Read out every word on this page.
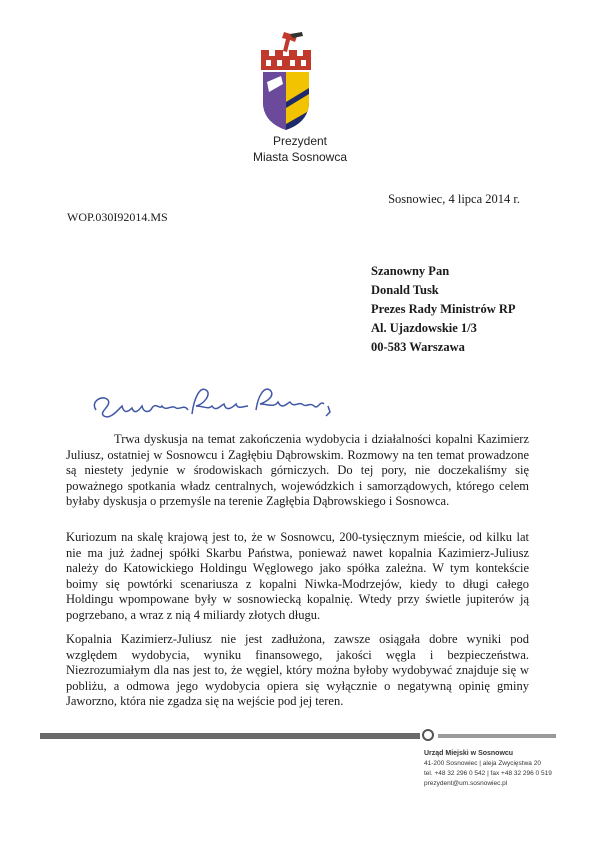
Prezydent
Miasta Sosnowca
Sosnowiec, 4 lipca 2014 r.
WOP.030I92014.MS
Szanowny Pan
Donald Tusk
Prezes Rady Ministrów RP
Al. Ujazdowskie 1/3
00-583 Warszawa
Trwa dyskusja na temat zakończenia wydobycia i działalności kopalni Kazimierz Juliusz, ostatniej w Sosnowcu i Zagłębiu Dąbrowskim. Rozmowy na ten temat prowadzone są niestety jedynie w środowiskach górniczych. Do tej pory, nie doczekaliśmy się poważnego spotkania władz centralnych, wojewódzkich i samorządowych, którego celem byłaby dyskusja o przemyśle na terenie Zagłębia Dąbrowskiego i Sosnowca.
Kuriozum na skalę krajową jest to, że w Sosnowcu, 200-tysięcznym mieście, od kilku lat nie ma już żadnej spółki Skarbu Państwa, ponieważ nawet kopalnia Kazimierz-Juliusz należy do Katowickiego Holdingu Węglowego jako spółka zależna. W tym kontekście boimy się powtórki scenariusza z kopalni Niwka-Modrzejów, kiedy to długi całego Holdingu wpompowane były w sosnowiecką kopalnię. Wtedy przy świetle jupiterów ją pogrzebano, a wraz z nią 4 miliardy złotych długu.
Kopalnia Kazimierz-Juliusz nie jest zadłużona, zawsze osiągała dobre wyniki pod względem wydobycia, wyniku finansowego, jakości węgla i bezpieczeństwa. Niezrozumiałym dla nas jest to, że węgiel, który można byłoby wydobywać znajduje się w pobliżu, a odmowa jego wydobycia opiera się wyłącznie o negatywną opinię gminy Jaworzno, która nie zgadza się na wejście pod jej teren.
Urząd Miejski w Sosnowcu
41-200 Sosnowiec | aleja Zwycięstwa 20
tel. +48 32 296 0 542 | fax +48 32 296 0 519
prezydent@um.sosnowiec.pl
